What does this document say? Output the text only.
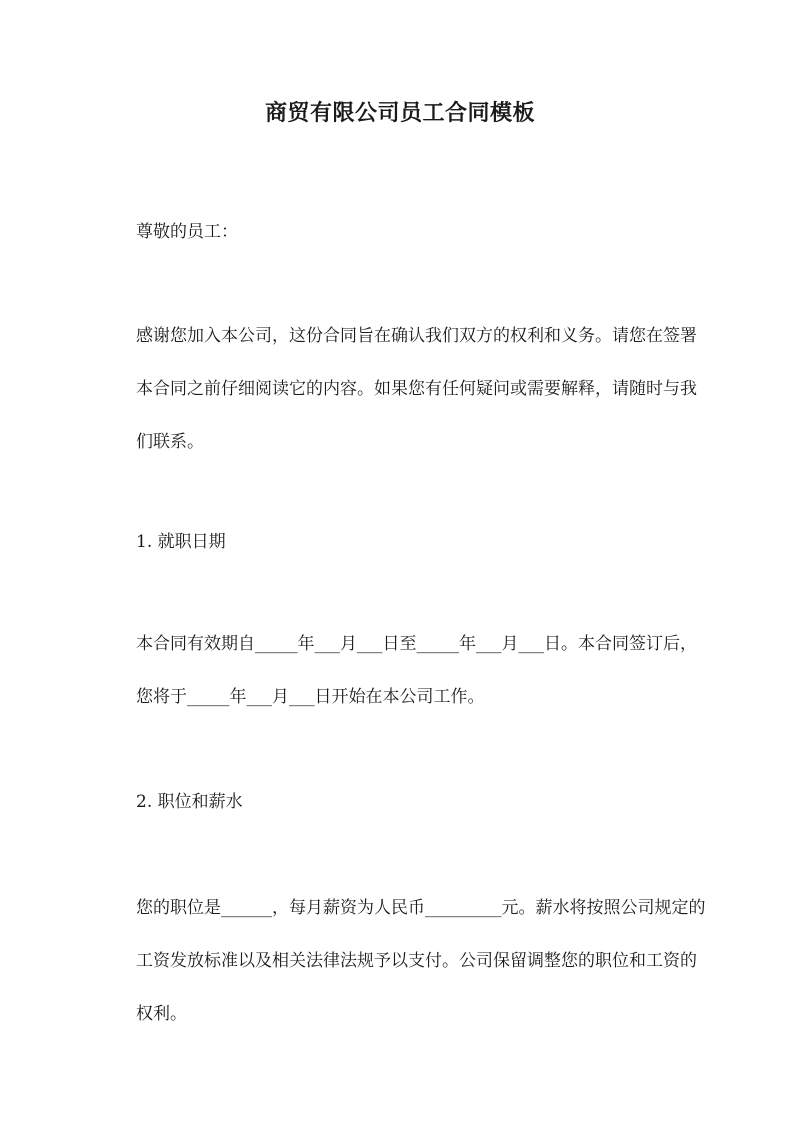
商贸有限公司员工合同模板

尊敬的员工：

感谢您加入本公司，这份合同旨在确认我们双方的权利和义务。请您在签署本合同之前仔细阅读它的内容。如果您有任何疑问或需要解释，请随时与我们联系。

1. 就职日期

本合同有效期自_____年___月___日至_____年___月___日。本合同签订后，您将于_____年___月___日开始在本公司工作。

2. 职位和薪水

您的职位是______，每月薪资为人民币_________元。薪水将按照公司规定的工资发放标准以及相关法律法规予以支付。公司保留调整您的职位和工资的权利。
